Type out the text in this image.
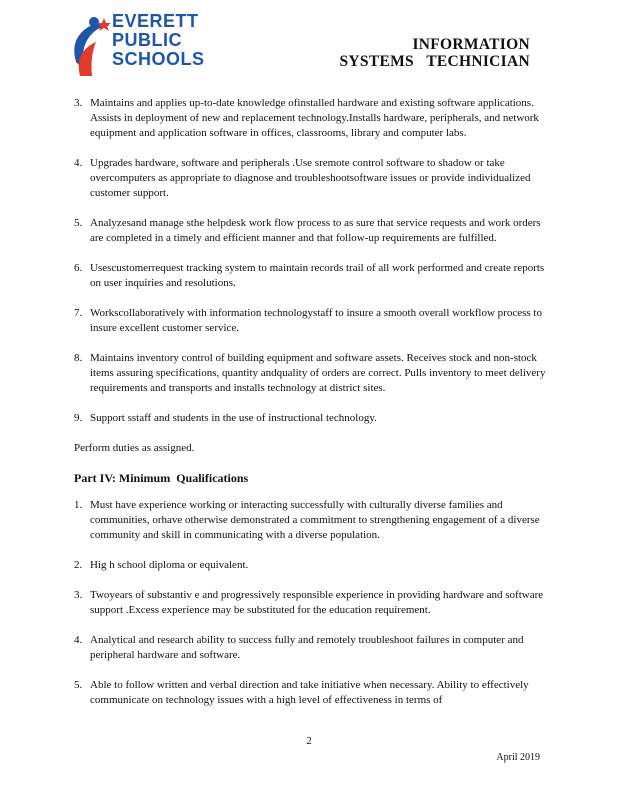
EVERETT
PUBLIC
SCHOOLS
INFORMATION
SYSTEMS   TECHNICIAN
3. Maintains and applies up-to-date knowledge ofinstalled hardware and existing software applications. Assists in deployment of new and replacement technology.Installs hardware, peripherals, and network equipment and application software in offices, classrooms, library and computer labs.
4. Upgrades hardware, software and peripherals .Use sremote control software to shadow or take overcomputers as appropriate to diagnose and troubleshootsoftware issues or provide individualized customer support.
5. Analyzesand manage sthe helpdesk work flow process to as sure that service requests and work orders are completed in a timely and efficient manner and that follow-up requirements are fulfilled.
6. Usescustomerrequest tracking system to maintain records trail of all work performed and create reports on user inquiries and resolutions.
7. Workscollaboratively with information technologystaff to insure a smooth overall workflow process to insure excellent customer service.
8. Maintains inventory control of building equipment and software assets. Receives stock and non-stock items assuring specifications, quantity andquality of orders are correct. Pulls inventory to meet delivery requirements and transports and installs technology at district sites.
9. Support sstaff and students in the use of instructional technology.
Perform duties as assigned.
Part IV: Minimum  Qualifications
1. Must have experience working or interacting successfully with culturally diverse families and communities, orhave otherwise demonstrated a commitment to strengthening engagement of a diverse community and skill in communicating with a diverse population.
2. Hig h school diploma or equivalent.
3. Twoyears of substantiv e and progressively responsible experience in providing hardware and software support .Excess experience may be substituted for the education requirement.
4. Analytical and research ability to success fully and remotely troubleshoot failures in computer and peripheral hardware and software.
5. Able to follow written and verbal direction and take initiative when necessary. Ability to effectively communicate on technology issues with a high level of effectiveness in terms of
2
April 2019
